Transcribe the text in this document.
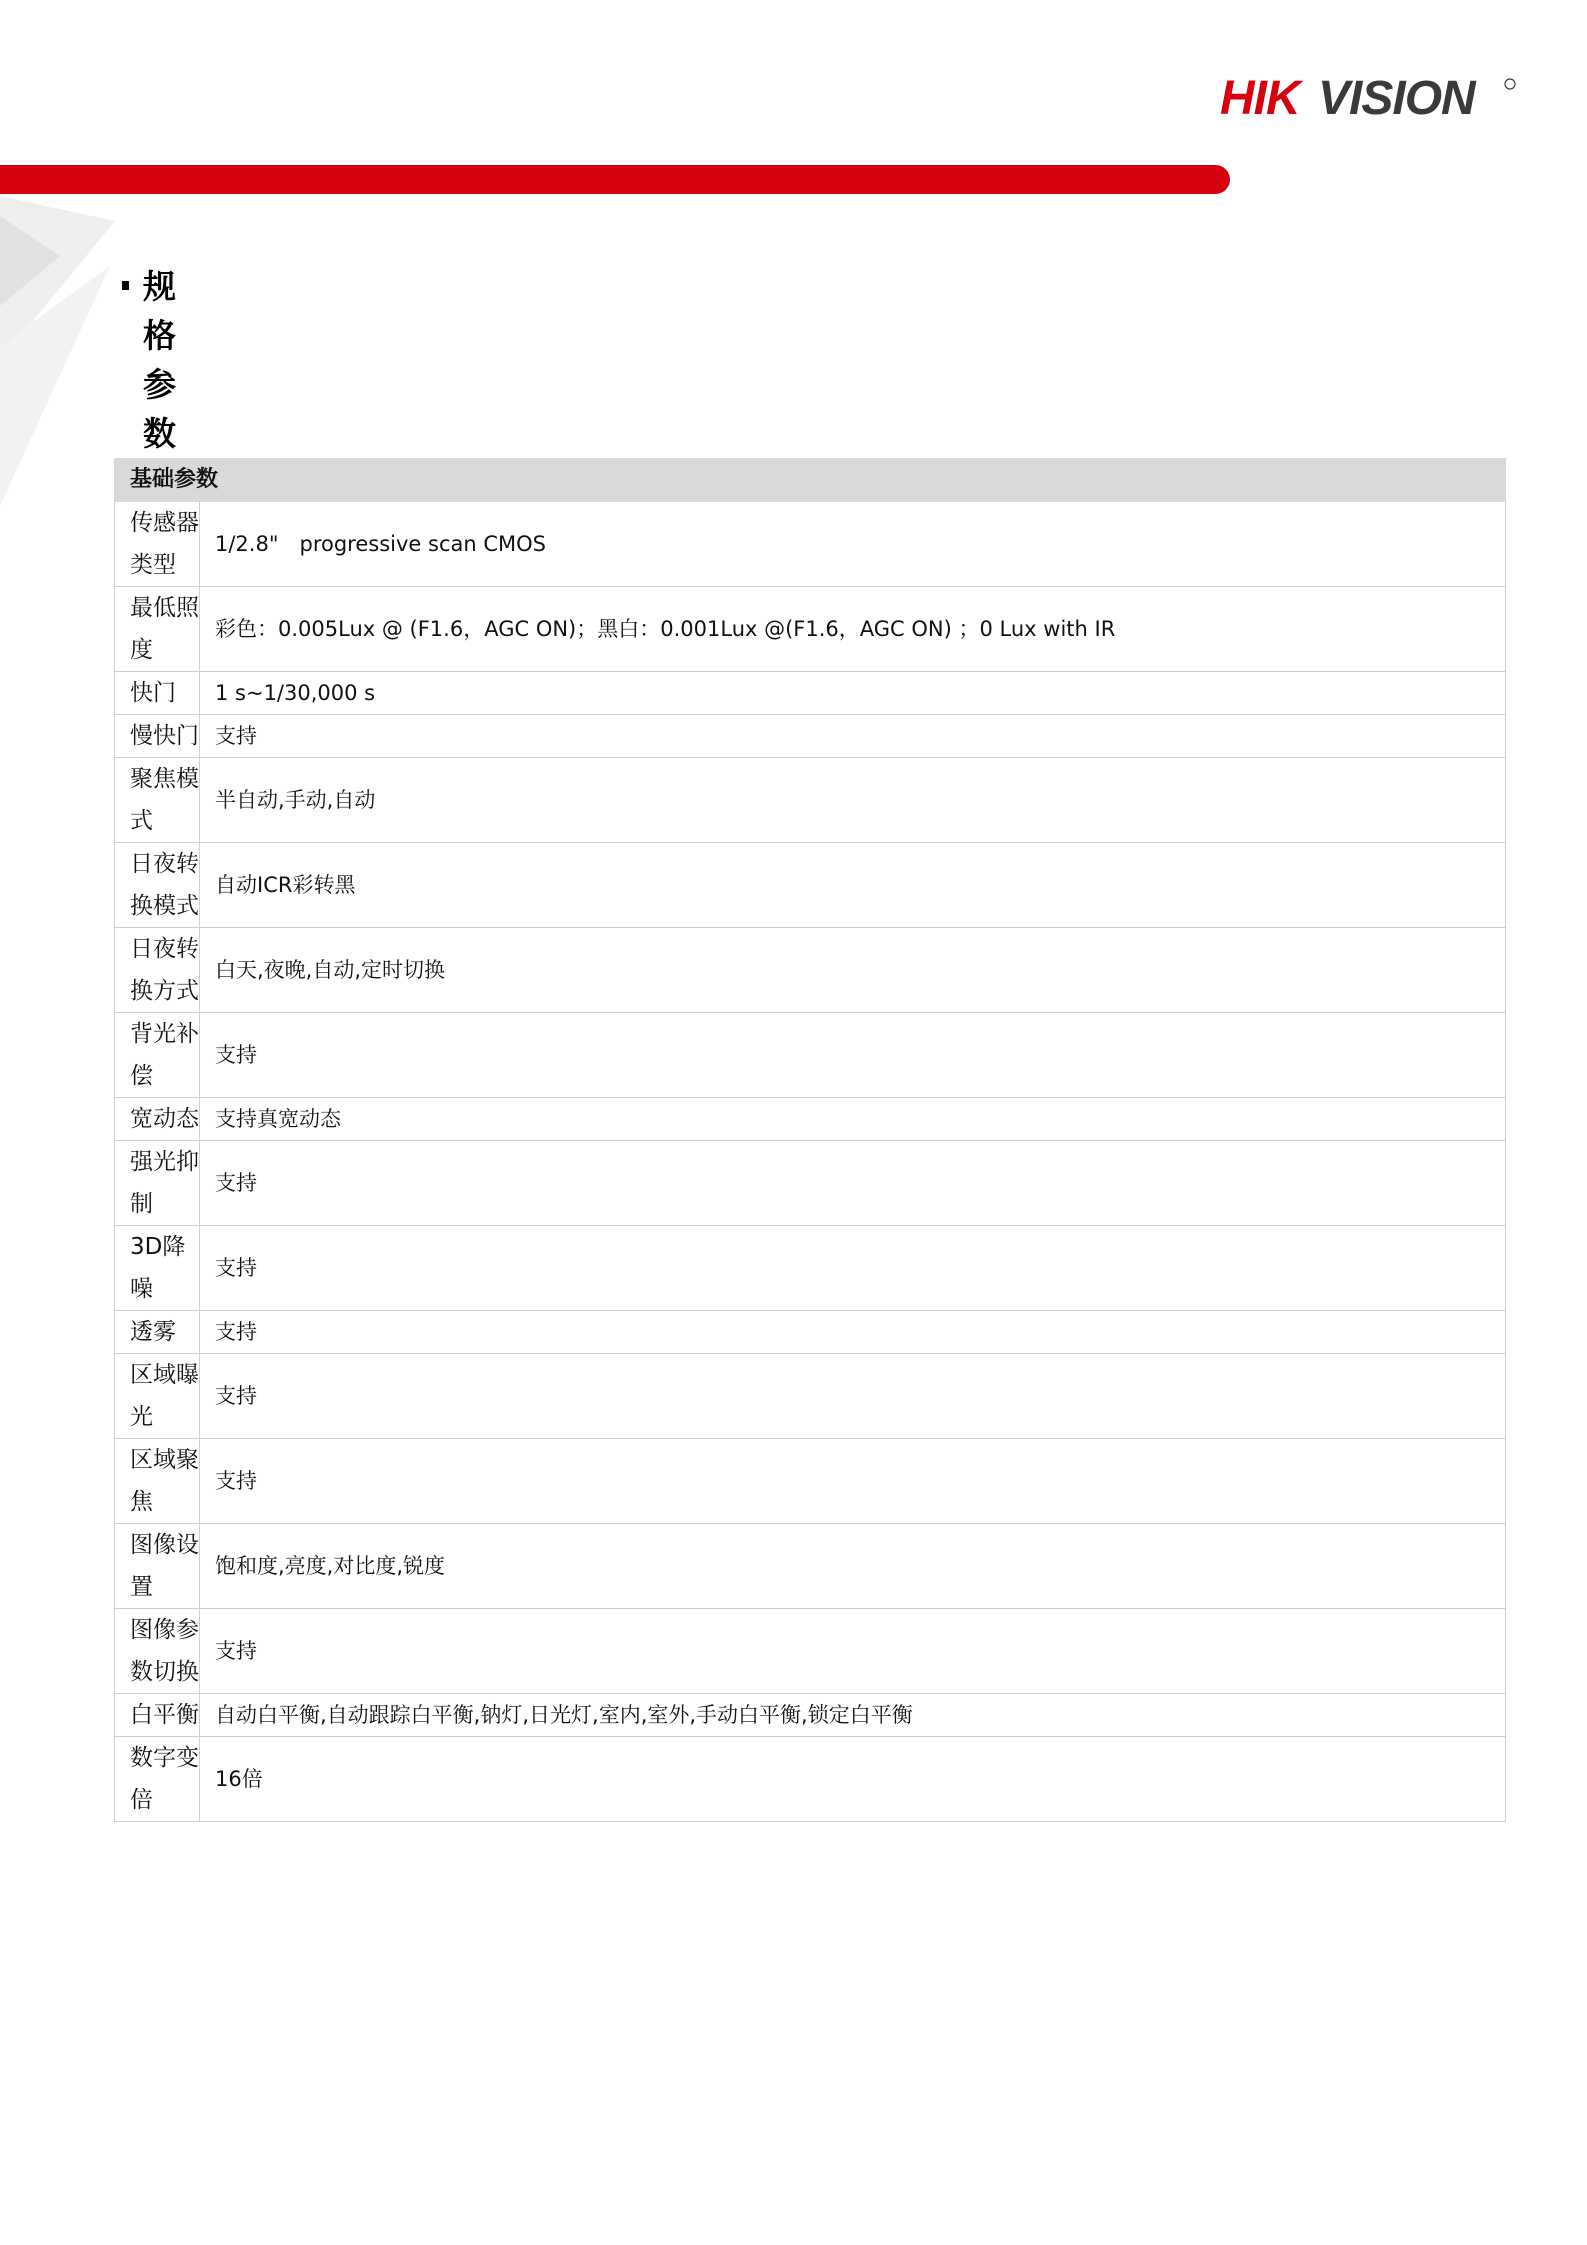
HIK VISION
规格参数
基础参数	
传感器类型	1/2.8"　progressive scan CMOS
最低照度	彩色：0.005Lux @ (F1.6，AGC ON)；黑白：0.001Lux @(F1.6，AGC ON) ；0 Lux with IR
快门	1 s~1/30,000 s
慢快门	支持
聚焦模式	半自动,手动,自动
日夜转换模式	自动ICR彩转黑
日夜转换方式	白天,夜晚,自动,定时切换
背光补偿	支持
宽动态	支持真宽动态
强光抑制	支持
3D降噪	支持
透雾	支持
区域曝光	支持
区域聚焦	支持
图像设置	饱和度,亮度,对比度,锐度
图像参数切换	支持
白平衡	自动白平衡,自动跟踪白平衡,钠灯,日光灯,室内,室外,手动白平衡,锁定白平衡
数字变倍	16倍
